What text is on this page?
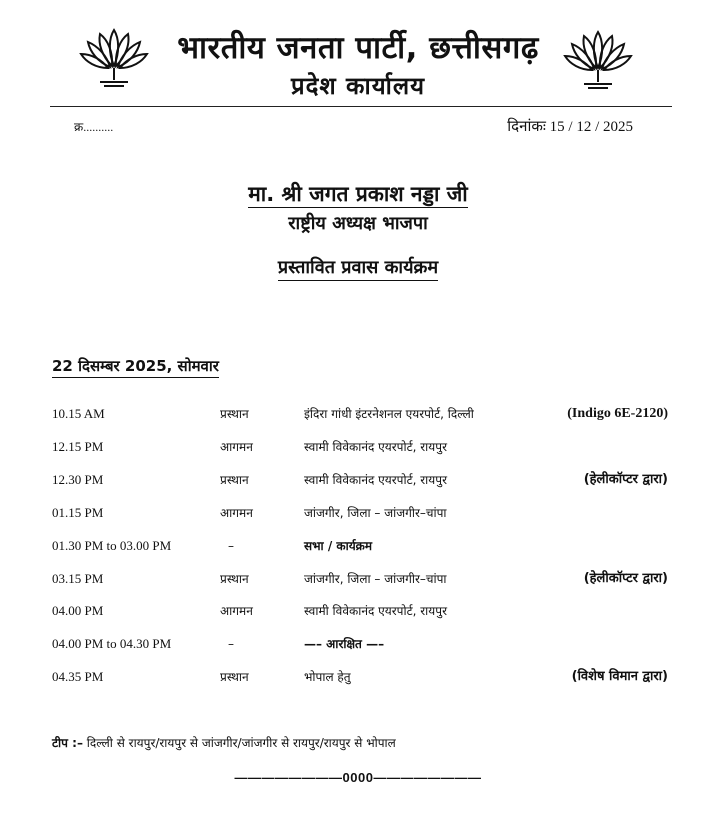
भारतीय जनता पार्टी, छत्तीसगढ़
प्रदेश कार्यालय
क्र..........	दिनांकः 15 / 12 / 2025
मा. श्री जगत प्रकाश नड्डा जी
राष्ट्रीय अध्यक्ष भाजपा
प्रस्तावित प्रवास कार्यक्रम
22 दिसम्बर 2025, सोमवार
10.15 AM	प्रस्थान	इंदिरा गांधी इंटरनेशनल एयरपोर्ट, दिल्ली	(Indigo 6E-2120)
12.15 PM	आगमन	स्वामी विवेकानंद एयरपोर्ट, रायपुर
12.30 PM	प्रस्थान	स्वामी विवेकानंद एयरपोर्ट, रायपुर	(हेलीकॉप्टर द्वारा)
01.15 PM	आगमन	जांजगीर, जिला – जांजगीर–चांपा
01.30 PM to 03.00 PM	–	सभा / कार्यक्रम
03.15 PM	प्रस्थान	जांजगीर, जिला – जांजगीर–चांपा	(हेलीकॉप्टर द्वारा)
04.00 PM	आगमन	स्वामी विवेकानंद एयरपोर्ट, रायपुर
04.00 PM to 04.30 PM	–	—– आरक्षित —–
04.35 PM	प्रस्थान	भोपाल हेतु	(विशेष विमान द्वारा)
टीप :– दिल्ली से रायपुर/रायपुर से जांजगीर/जांजगीर से रायपुर/रायपुर से भोपाल
————————0000————————
